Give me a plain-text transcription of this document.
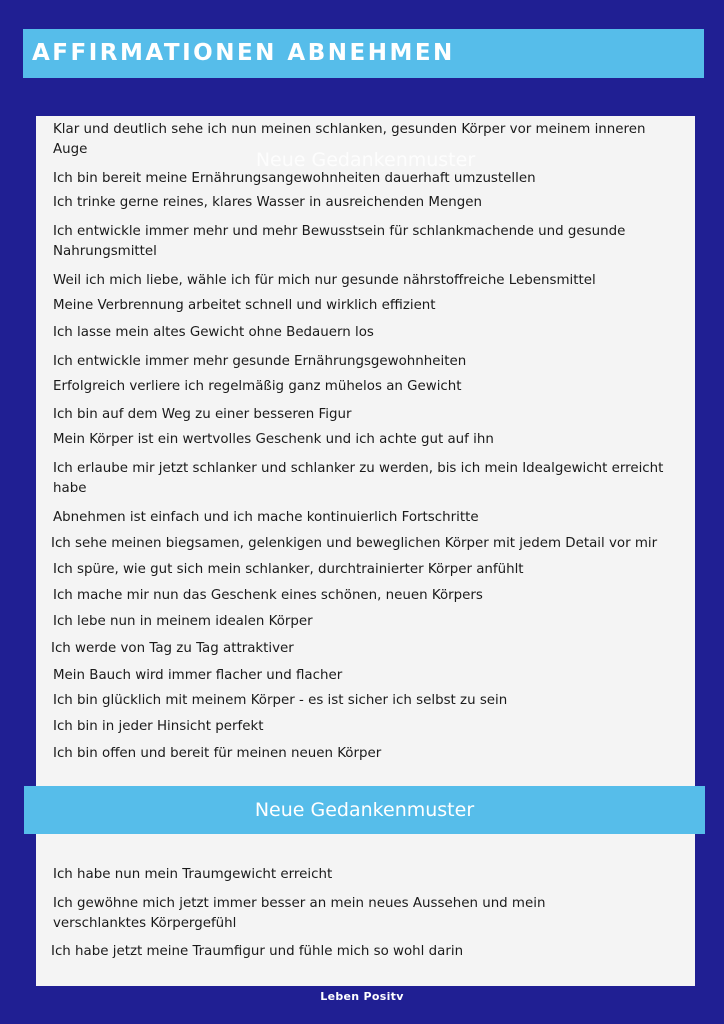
AFFIRMATIONEN ABNEHMEN
Neue Gedankenmuster
Klar und deutlich sehe ich nun meinen schlanken, gesunden Körper vor meinem inneren Auge
Ich bin bereit meine Ernährungsangewohnheiten dauerhaft umzustellen
Ich trinke gerne reines, klares Wasser in ausreichenden Mengen
Ich entwickle immer mehr und mehr Bewusstsein für schlankmachende und gesunde Nahrungsmittel
Weil ich mich liebe, wähle ich für mich nur gesunde nährstoffreiche Lebensmittel
Meine Verbrennung arbeitet schnell und wirklich effizient
Ich lasse mein altes Gewicht ohne Bedauern los
Ich entwickle immer mehr gesunde Ernährungsgewohnheiten
Erfolgreich verliere ich regelmäßig ganz mühelos an Gewicht
Ich bin auf dem Weg zu einer besseren Figur
Mein Körper ist ein wertvolles Geschenk und ich achte gut auf ihn
Ich erlaube mir jetzt schlanker und schlanker zu werden, bis ich mein Idealgewicht erreicht habe
Abnehmen ist einfach und ich mache kontinuierlich Fortschritte
Ich sehe meinen biegsamen, gelenkigen und beweglichen Körper mit jedem Detail vor mir
Ich spüre, wie gut sich mein schlanker, durchtrainierter Körper anfühlt
Ich mache mir nun das Geschenk eines schönen, neuen Körpers
Ich lebe nun in meinem idealen Körper
Ich werde von Tag zu Tag attraktiver
Mein Bauch wird immer flacher und flacher
Ich bin glücklich mit meinem Körper - es ist sicher ich selbst zu sein
Ich bin in jeder Hinsicht perfekt
Ich bin offen und bereit für meinen neuen Körper
Neue Gedankenmuster
Ich habe nun mein Traumgewicht erreicht
Ich gewöhne mich jetzt immer besser an mein neues Aussehen und mein verschlanktes Körpergefühl
Ich habe jetzt meine Traumfigur und fühle mich so wohl darin
Leben Positv
